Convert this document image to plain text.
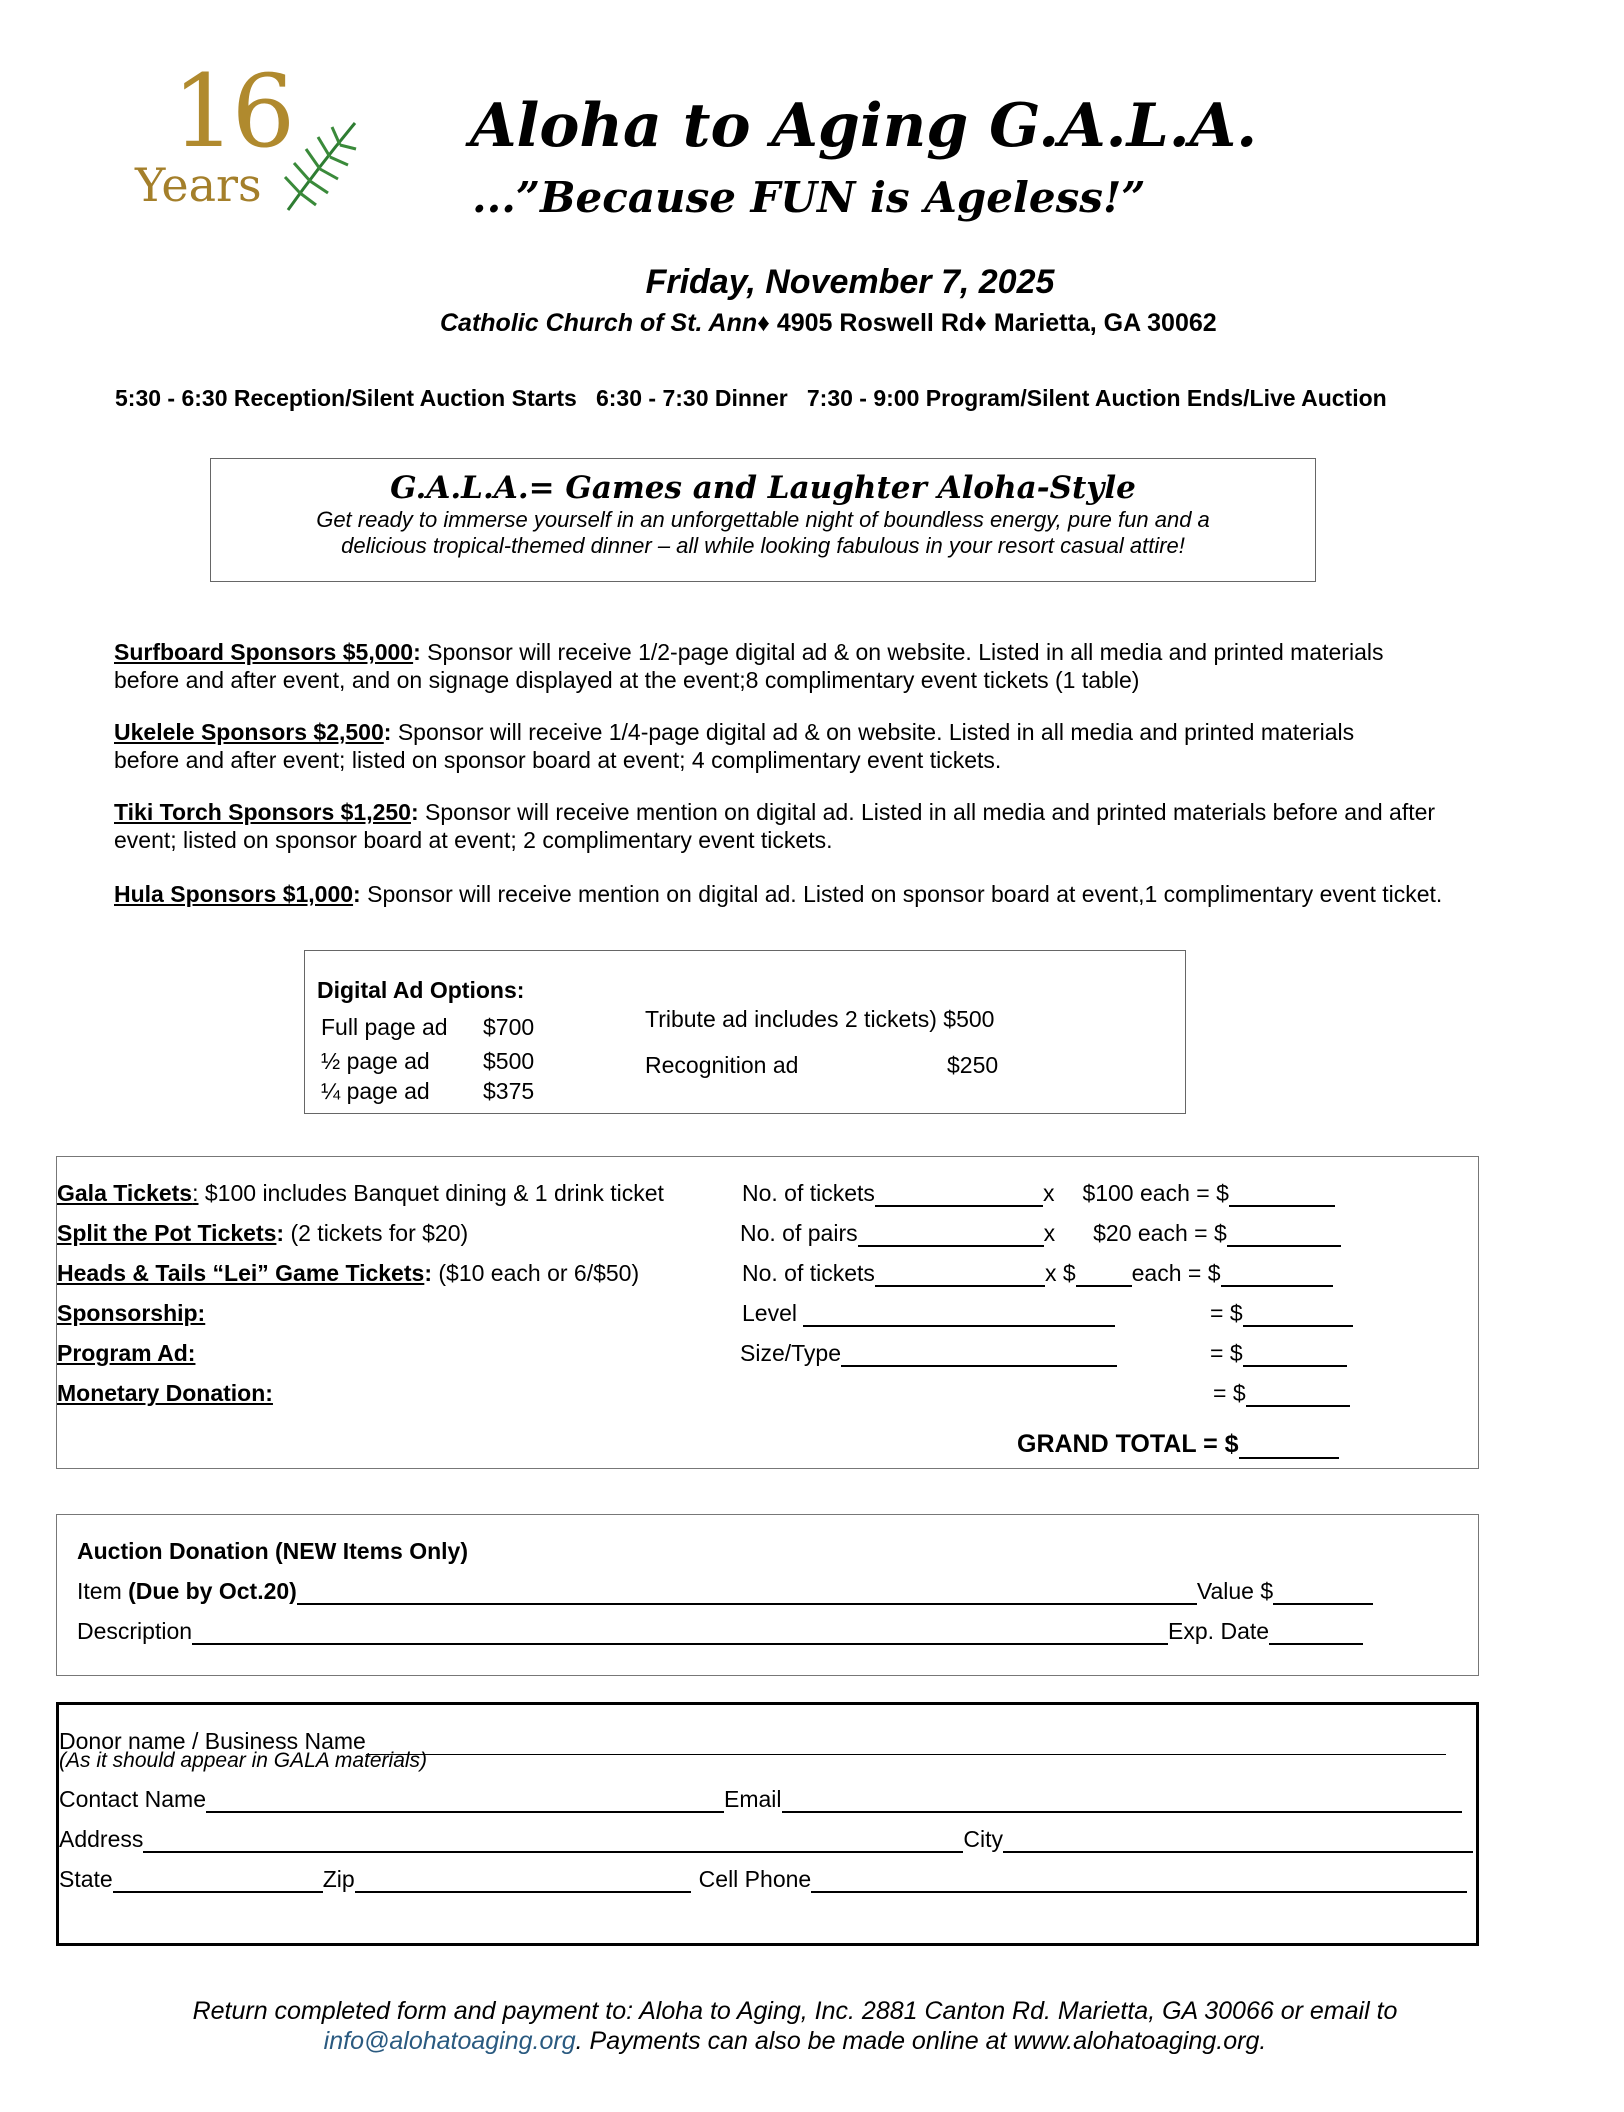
16
Years
Aloha to Aging G.A.L.A.
...”Because FUN is Ageless!”
Friday, November 7, 2025
Catholic Church of St. Ann♦ 4905 Roswell Rd♦ Marietta, GA 30062
5:30 - 6:30 Reception/Silent Auction Starts   6:30 - 7:30 Dinner   7:30 - 9:00 Program/Silent Auction Ends/Live Auction
G.A.L.A.= Games and Laughter Aloha-Style
Get ready to immerse yourself in an unforgettable night of boundless energy, pure fun and a
delicious tropical-themed dinner – all while looking fabulous in your resort casual attire!
Surfboard Sponsors $5,000: Sponsor will receive 1/2-page digital ad & on website. Listed in all media and printed materials
before and after event, and on signage displayed at the event;8 complimentary event tickets (1 table)
Ukelele Sponsors $2,500: Sponsor will receive 1/4-page digital ad & on website. Listed in all media and printed materials
before and after event; listed on sponsor board at event; 4 complimentary event tickets.
Tiki Torch Sponsors $1,250: Sponsor will receive mention on digital ad. Listed in all media and printed materials before and after
event; listed on sponsor board at event; 2 complimentary event tickets.
Hula Sponsors $1,000: Sponsor will receive mention on digital ad. Listed on sponsor board at event,1 complimentary event ticket.
Digital Ad Options:
Full page ad $700
½ page ad $500
¼ page ad $375
Tribute ad includes 2 tickets) $500
Recognition ad	$250
Gala Tickets: $100 includes Banquet dining & 1 drink ticket	No. of tickets	x $100 each = $
Split the Pot Tickets: (2 tickets for $20)	No. of pairs	x $20 each = $
Heads & Tails “Lei” Game Tickets: ($10 each or 6/$50)	No. of tickets	x $ each = $
Sponsorship:	Level	= $
Program Ad:	Size/Type	= $
Monetary Donation:	= $
GRAND TOTAL = $
Auction Donation (NEW Items Only)
Item (Due by Oct.20)	Value $
Description	Exp. Date
Donor name / Business Name
(As it should appear in GALA materials)
Contact Name	Email
Address	City
State	Zip	Cell Phone
Return completed form and payment to: Aloha to Aging, Inc. 2881 Canton Rd. Marietta, GA 30066 or email to
info@alohatoaging.org. Payments can also be made online at www.alohatoaging.org.
